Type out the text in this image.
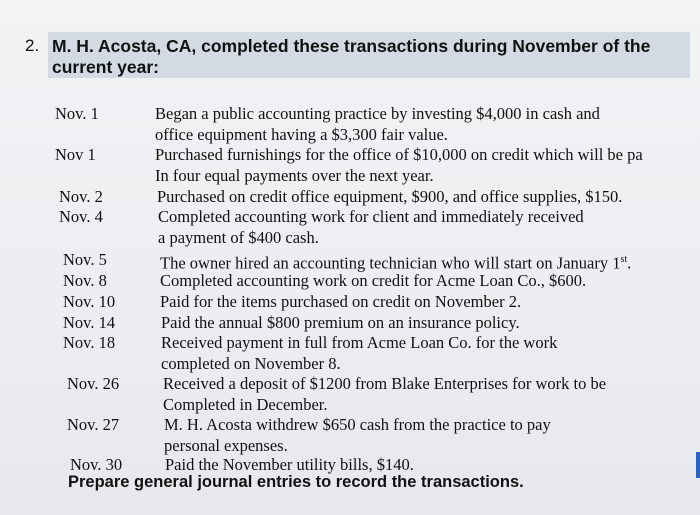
2. M. H. Acosta, CA, completed these transactions during November of the
current year:
Nov. 1	Began a public accounting practice by investing $4,000 in cash and
office equipment having a $3,300 fair value.
Nov 1	Purchased furnishings for the office of $10,000 on credit which will be pa
In four equal payments over the next year.
Nov. 2	Purchased on credit office equipment, $900, and office supplies, $150.
Nov. 4	Completed accounting work for client and immediately received
a payment of $400 cash.
Nov. 5	The owner hired an accounting technician who will start on January 1st.
Nov. 8	Completed accounting work on credit for Acme Loan Co., $600.
Nov. 10	Paid for the items purchased on credit on November 2.
Nov. 14	Paid the annual $800 premium on an insurance policy.
Nov. 18	Received payment in full from Acme Loan Co. for the work
completed on November 8.
Nov. 26	Received a deposit of $1200 from Blake Enterprises for work to be
Completed in December.
Nov. 27	M. H. Acosta withdrew $650 cash from the practice to pay
personal expenses.
Nov. 30	Paid the November utility bills, $140.
Prepare general journal entries to record the transactions.
